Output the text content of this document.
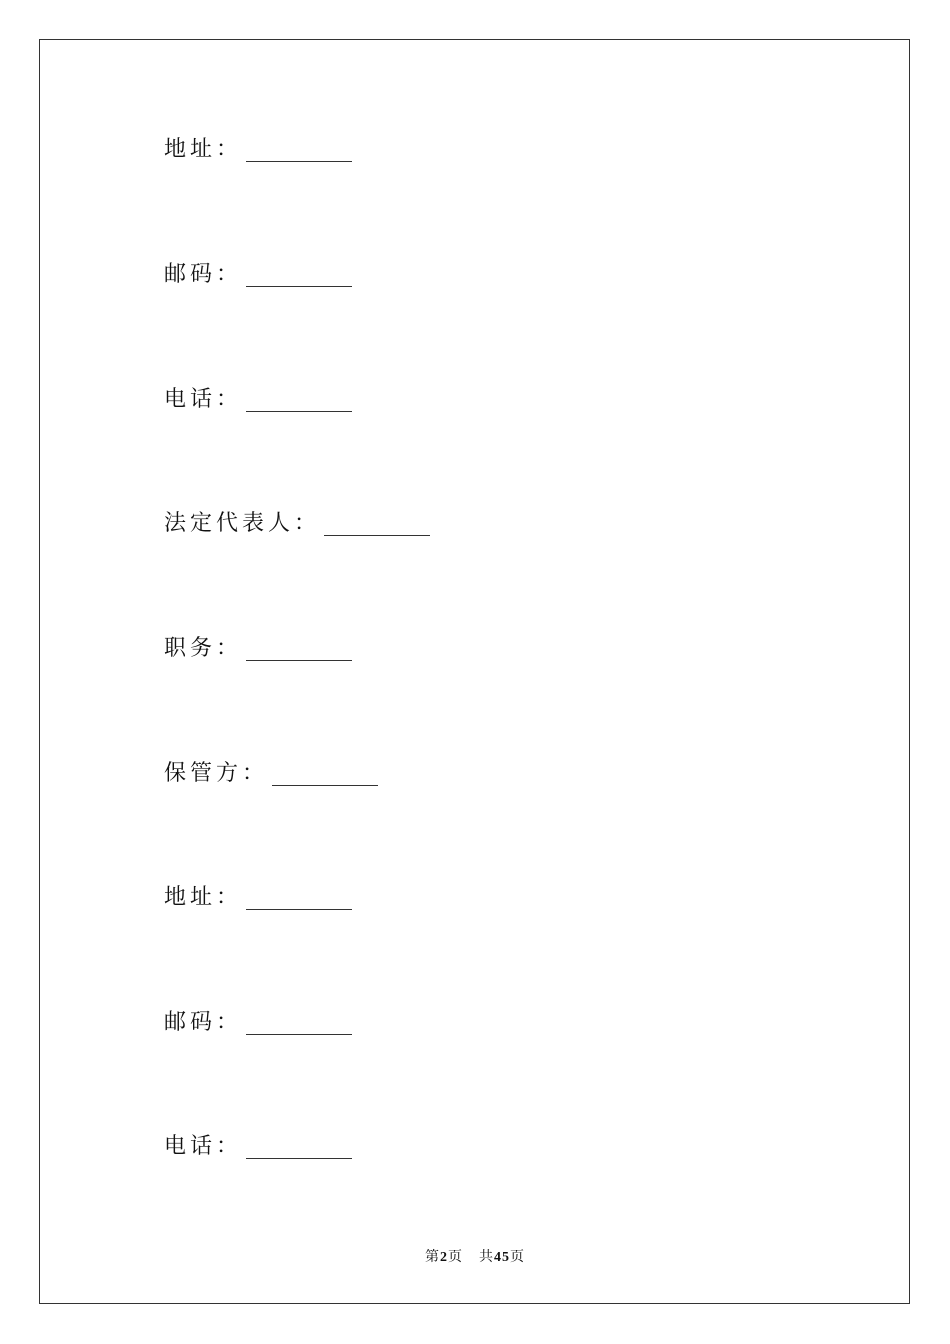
地址：
邮码：
电话：
法定代表人：
职务：
保管方：
地址：
邮码：
电话：
第2页 共45页
